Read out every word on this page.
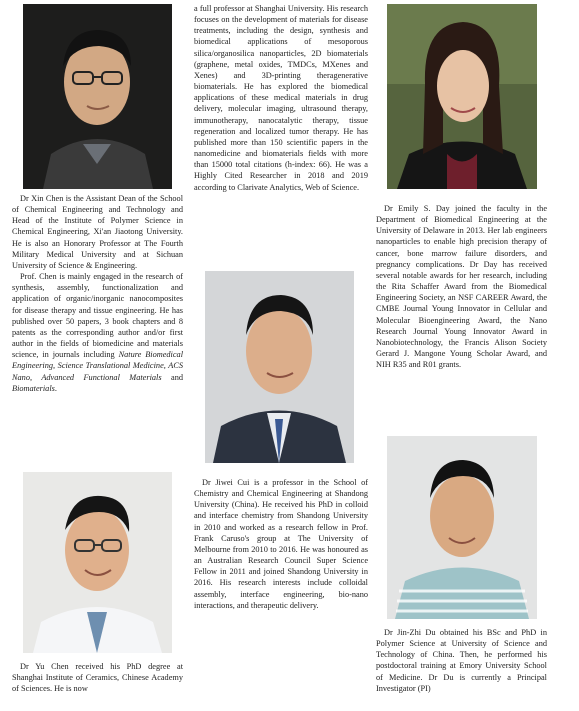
Dr Xin Chen is the Assistant Dean of the School of Chemical Engineering and Technology and Head of the Institute of Polymer Science in Chemical Engineering, Xi'an Jiaotong University. He is also an Honorary Professor at The Fourth Military Medical University and at Sichuan University of Science & Engineering.

Prof. Chen is mainly engaged in the research of synthesis, assembly, functionalization and application of organic/inorganic nanocomposites for disease therapy and tissue engineering. He has published over 50 papers, 3 book chapters and 8 patents as the corresponding author and/or first author in the fields of biomedicine and materials science, in journals including Nature Biomedical Engineering, Science Translational Medicine, ACS Nano, Advanced Functional Materials and Biomaterials.

Dr Yu Chen received his PhD degree at Shanghai Institute of Ceramics, Chinese Academy of Sciences. He is now

a full professor at Shanghai University. His research focuses on the development of materials for disease treatments, including the design, synthesis and biomedical applications of mesoporous silica/organosilica nanoparticles, 2D biomaterials (graphene, metal oxides, TMDCs, MXenes and Xenes) and 3D-printing theragenerative biomaterials. He has explored the biomedical applications of these medical materials in drug delivery, molecular imaging, ultrasound therapy, immunotherapy, nanocatalytic therapy, tissue regeneration and localized tumor therapy. He has published more than 150 scientific papers in the nanomedicine and biomaterials fields with more than 15000 total citations (h-index: 66). He was a Highly Cited Researcher in 2018 and 2019 according to Clarivate Analytics, Web of Science.

Dr Jiwei Cui is a professor in the School of Chemistry and Chemical Engineering at Shandong University (China). He received his PhD in colloid and interface chemistry from Shandong University in 2010 and worked as a research fellow in Prof. Frank Caruso's group at The University of Melbourne from 2010 to 2016. He was honoured as an Australian Research Council Super Science Fellow in 2011 and joined Shandong University in 2016. His research interests include colloidal assembly, interface engineering, bio-nano interactions, and therapeutic delivery.

Dr Emily S. Day joined the faculty in the Department of Biomedical Engineering at the University of Delaware in 2013. Her lab engineers nanoparticles to enable high precision therapy of cancer, bone marrow failure disorders, and pregnancy complications. Dr Day has received several notable awards for her research, including the Rita Schaffer Award from the Biomedical Engineering Society, an NSF CAREER Award, the CMBE Journal Young Innovator in Cellular and Molecular Bioengineering Award, the Nano Research Journal Young Innovator Award in Nanobiotechnology, the Francis Alison Society Gerard J. Mangone Young Scholar Award, and NIH R35 and R01 grants.

Dr Jin-Zhi Du obtained his BSc and PhD in Polymer Science at University of Science and Technology of China. Then, he performed his postdoctoral training at Emory University School of Medicine. Dr Du is currently a Principal Investigator (PI)
